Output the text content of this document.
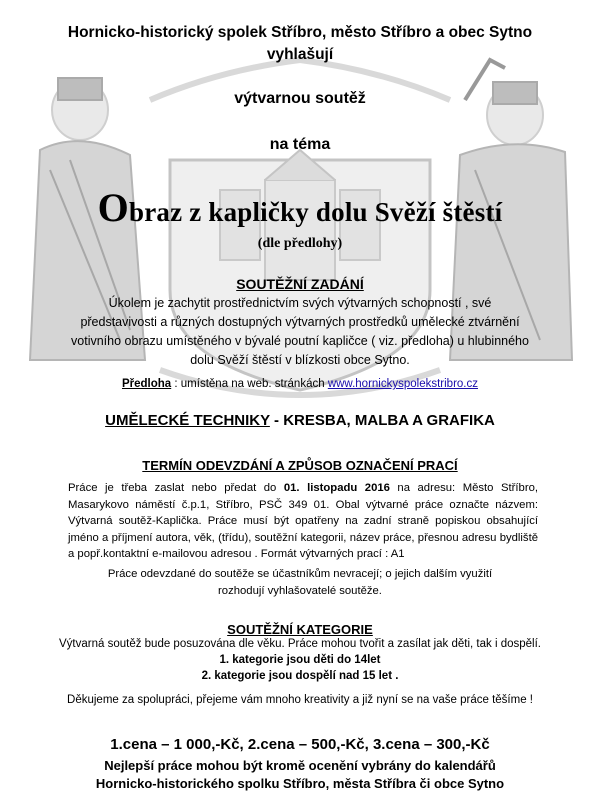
Hornicko-historický spolek Stříbro, město Stříbro a obec Sytno
vyhlašují
výtvarnou soutěž
na téma
Obraz z kapličky dolu Svěží štěstí
(dle předlohy)
SOUTĚŽNÍ ZADÁNÍ
Úkolem je zachytit prostřednictvím svých výtvarných schopností , své představivosti a různých dostupných výtvarných prostředků umělecké ztvárnění votivního obrazu umístěného v bývalé poutní kapličce ( viz. předloha) u hlubinného dolu Svěží štěstí v blízkosti obce Sytno.
Předloha : umístěna na web. stránkách www.hornickyspolekstribro.cz
UMĚLECKÉ TECHNIKY - KRESBA, MALBA A GRAFIKA
TERMÍN ODEVZDÁNÍ A ZPŮSOB OZNAČENÍ PRACÍ
Práce je třeba zaslat nebo předat do 01. listopadu 2016 na adresu: Město Stříbro, Masarykovo náměstí č.p.1, Stříbro, PSČ 349 01. Obal výtvarné práce označte názvem: Výtvarná soutěž-Kaplička. Práce musí být opatřeny na zadní straně popiskou obsahující jméno a příjmení autora, věk, (třídu), soutěžní kategorii, název práce, přesnou adresu bydliště a popř.kontaktní e-mailovou adresou . Formát výtvarných prací : A1
Práce odevzdané do soutěže se účastníkům nevracejí; o jejich dalším využití rozhodují vyhlašovatelé soutěže.
SOUTĚŽNÍ KATEGORIE
Výtvarná soutěž bude posuzována dle věku. Práce mohou tvořit a zasílat jak děti, tak i dospělí.
1. kategorie jsou děti do 14let
2. kategorie jsou dospělí nad 15 let .
Děkujeme za spolupráci, přejeme vám mnoho kreativity a již nyní se na vaše práce těšíme !
1.cena – 1 000,-Kč, 2.cena – 500,-Kč, 3.cena – 300,-Kč
Nejlepší práce mohou být kromě ocenění vybrány do kalendářů
Hornicko-historického spolku Stříbro, města Stříbra či obce Sytno
